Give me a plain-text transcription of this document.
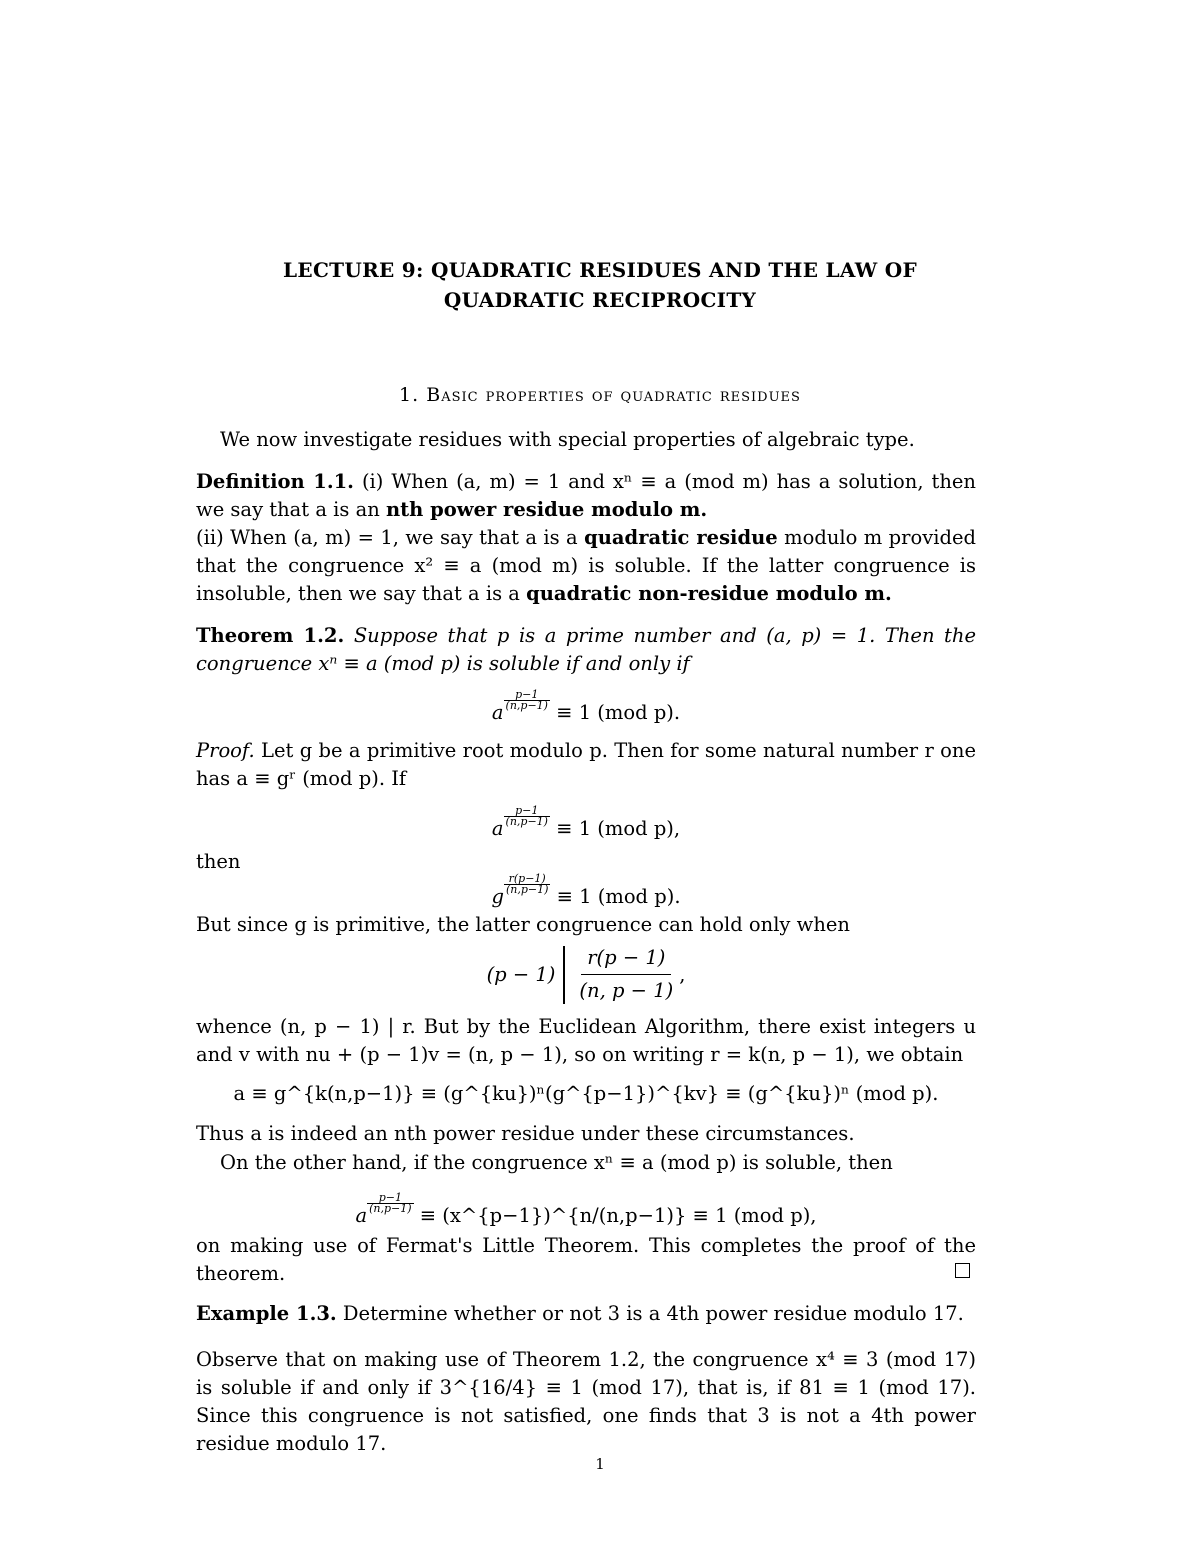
LECTURE 9: QUADRATIC RESIDUES AND THE LAW OF
QUADRATIC RECIPROCITY
1. Basic properties of quadratic residues
We now investigate residues with special properties of algebraic type.
Definition 1.1. (i) When (a, m) = 1 and xⁿ ≡ a (mod m) has a solution, then we say that a is an nth power residue modulo m.
(ii) When (a, m) = 1, we say that a is a quadratic residue modulo m provided that the congruence x² ≡ a (mod m) is soluble. If the latter congruence is insoluble, then we say that a is a quadratic non-residue modulo m.
Theorem 1.2. Suppose that p is a prime number and (a, p) = 1. Then the congruence xⁿ ≡ a (mod p) is soluble if and only if
a
$\frac{p-1}{(n,p-1)}$
≡ 1 (mod p).
Proof. Let g be a primitive root modulo p. Then for some natural number r one has a ≡ gʳ (mod p). If
a
$\frac{p-1}{(n,p-1)}$
≡ 1 (mod p),
then
g
$\frac{r(p-1)}{(n,p-1)}$
≡ 1 (mod p).
But since g is primitive, the latter congruence can hold only when
$(p - 1) \frac{r(p - 1)}{(n, p - 1)}$ ,
whence (n, p − 1) | r. But by the Euclidean Algorithm, there exist integers u and v with nu + (p − 1)v = (n, p − 1), so on writing r = k(n, p − 1), we obtain
a ≡ g^{k(n,p−1)} ≡ (g^{ku})ⁿ(g^{p−1})^{kv} ≡ (g^{ku})ⁿ (mod p).
Thus a is indeed an nth power residue under these circumstances.
On the other hand, if the congruence xⁿ ≡ a (mod p) is soluble, then
a
$\frac{p-1}{(n,p-1)}$
≡ (x^{p−1})^{n/(n,p−1)} ≡ 1 (mod p),
on making use of Fermat's Little Theorem. This completes the proof of the theorem.
Example 1.3. Determine whether or not 3 is a 4th power residue modulo 17.
Observe that on making use of Theorem 1.2, the congruence x⁴ ≡ 3 (mod 17) is soluble if and only if 3^{16/4} ≡ 1 (mod 17), that is, if 81 ≡ 1 (mod 17). Since this congruence is not satisfied, one finds that 3 is not a 4th power residue modulo 17.
1
